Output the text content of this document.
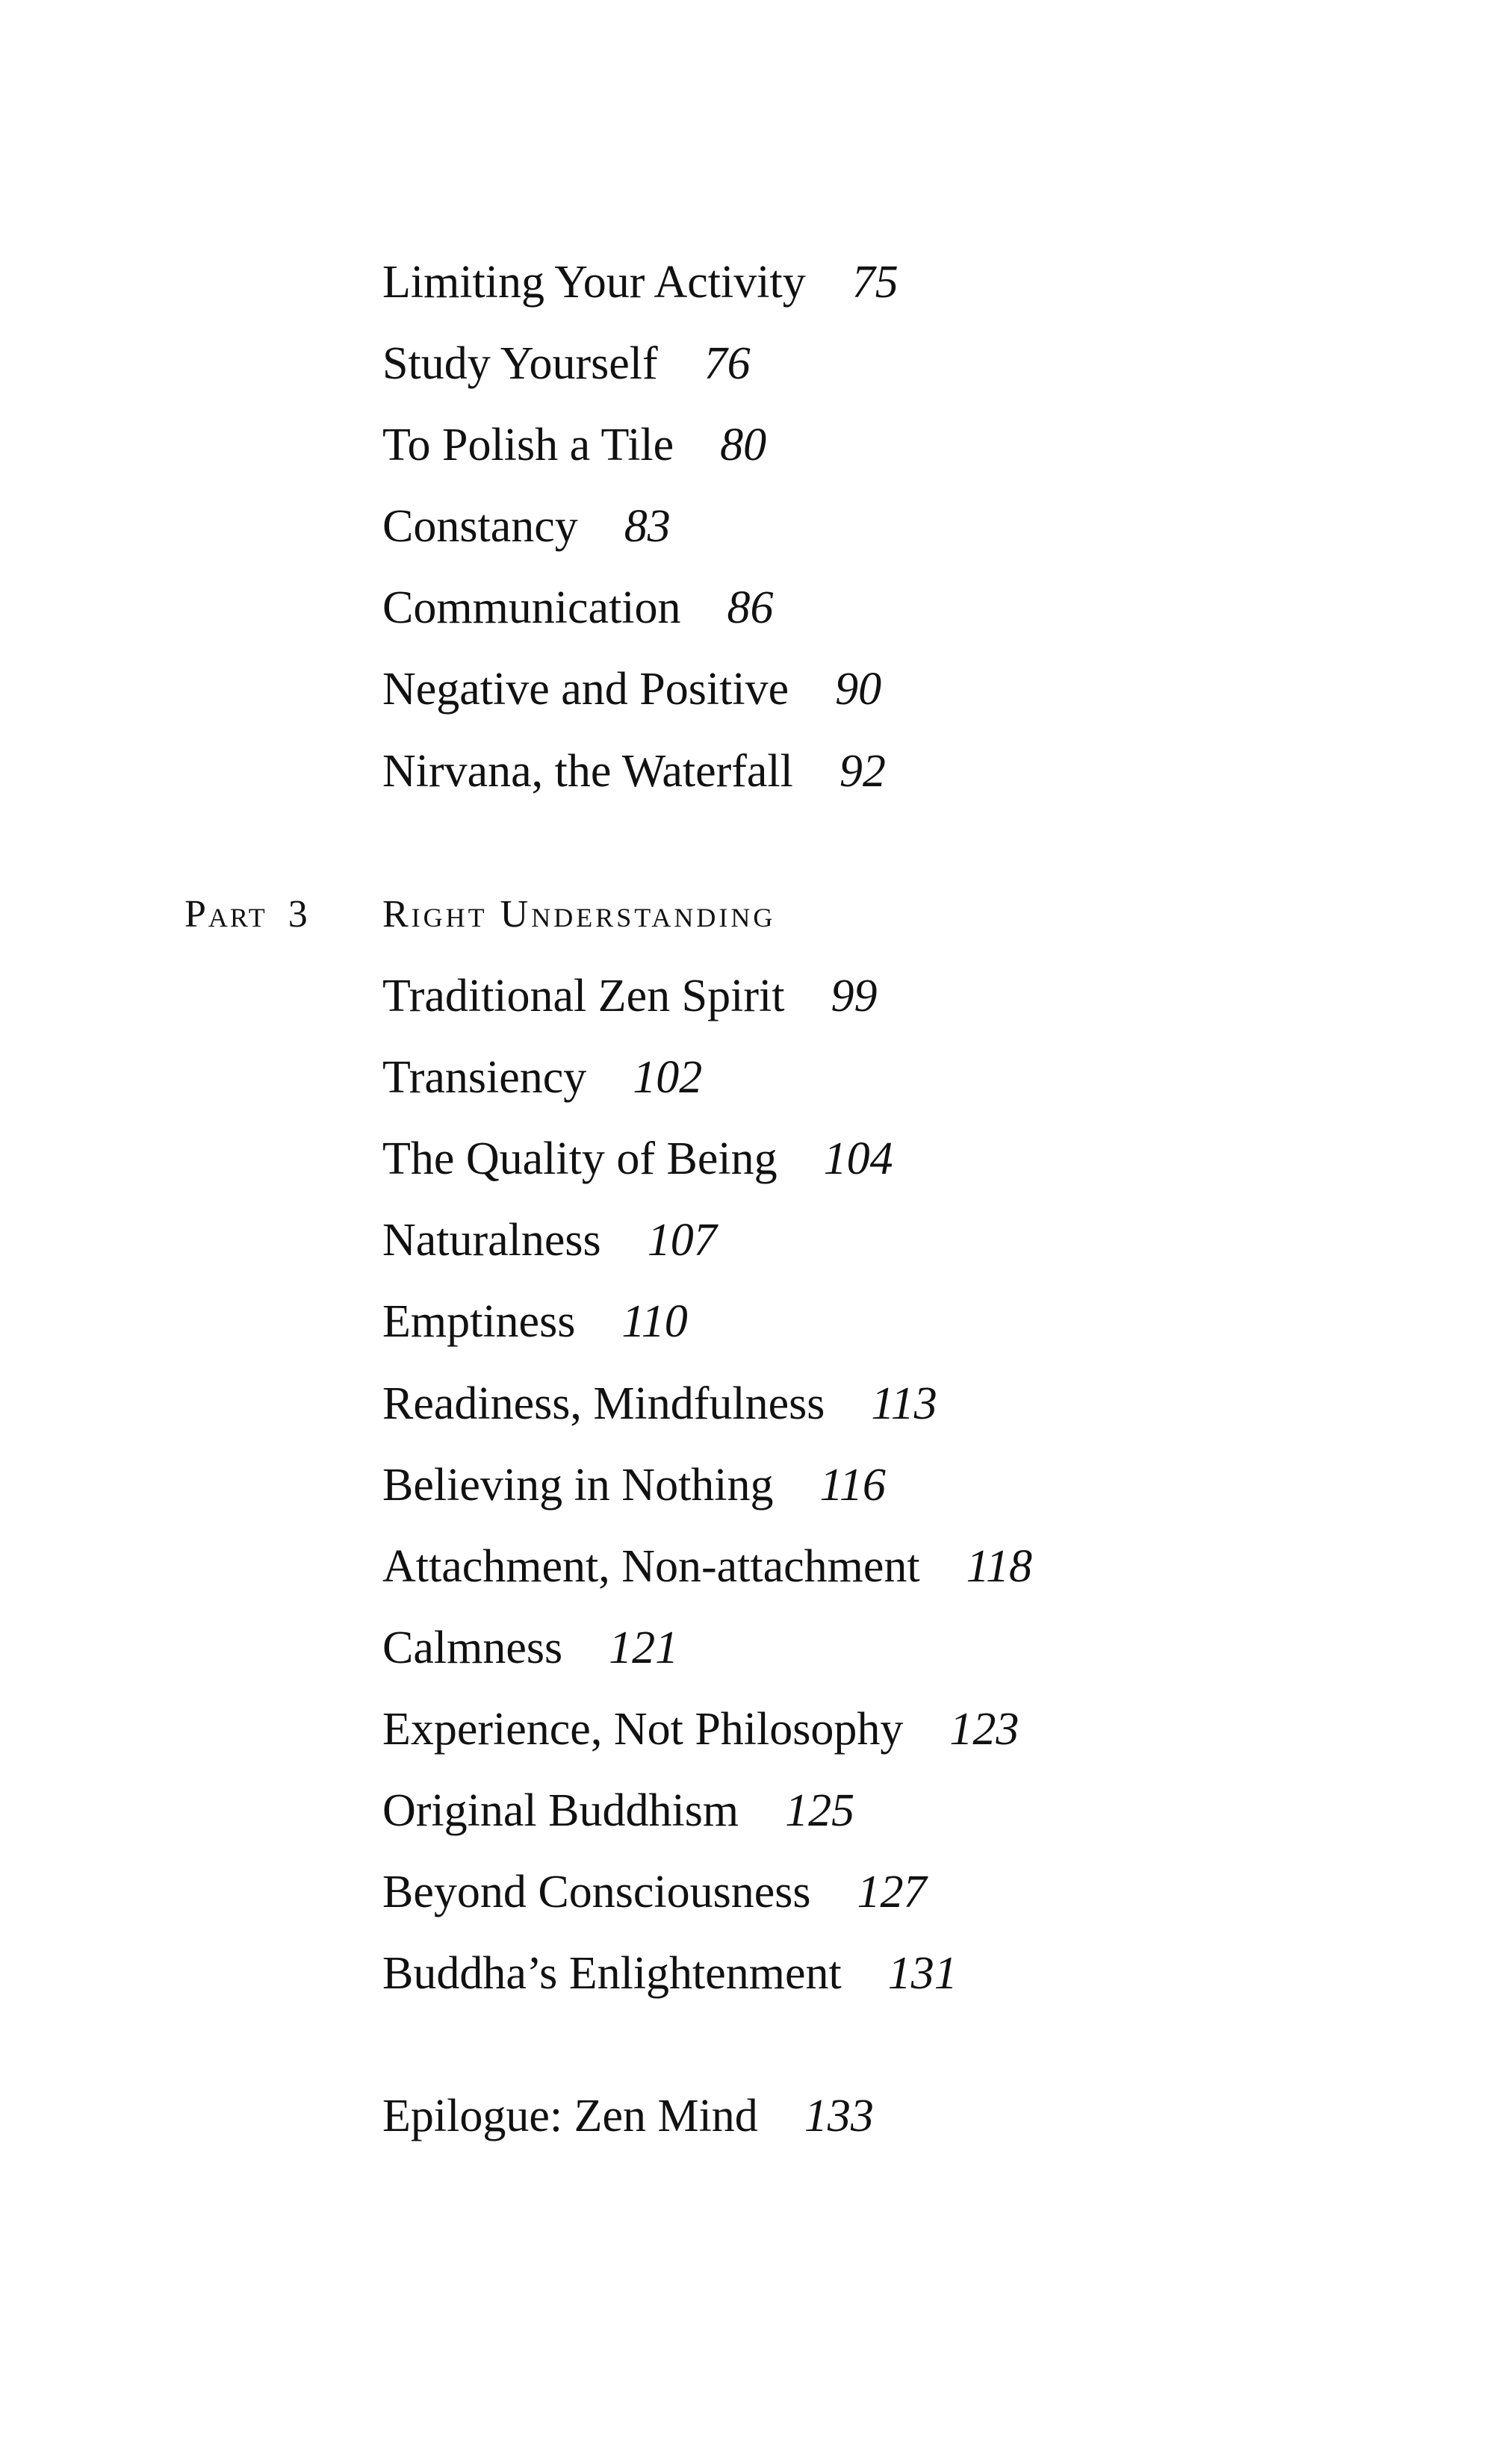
Limiting Your Activity 75
Study Yourself 76
To Polish a Tile 80
Constancy 83
Communication 86
Negative and Positive 90
Nirvana, the Waterfall 92
Part 3 Right Understanding
Traditional Zen Spirit 99
Transiency 102
The Quality of Being 104
Naturalness 107
Emptiness 110
Readiness, Mindfulness 113
Believing in Nothing 116
Attachment, Non-attachment 118
Calmness 121
Experience, Not Philosophy 123
Original Buddhism 125
Beyond Consciousness 127
Buddha’s Enlightenment 131
Epilogue: Zen Mind 133
